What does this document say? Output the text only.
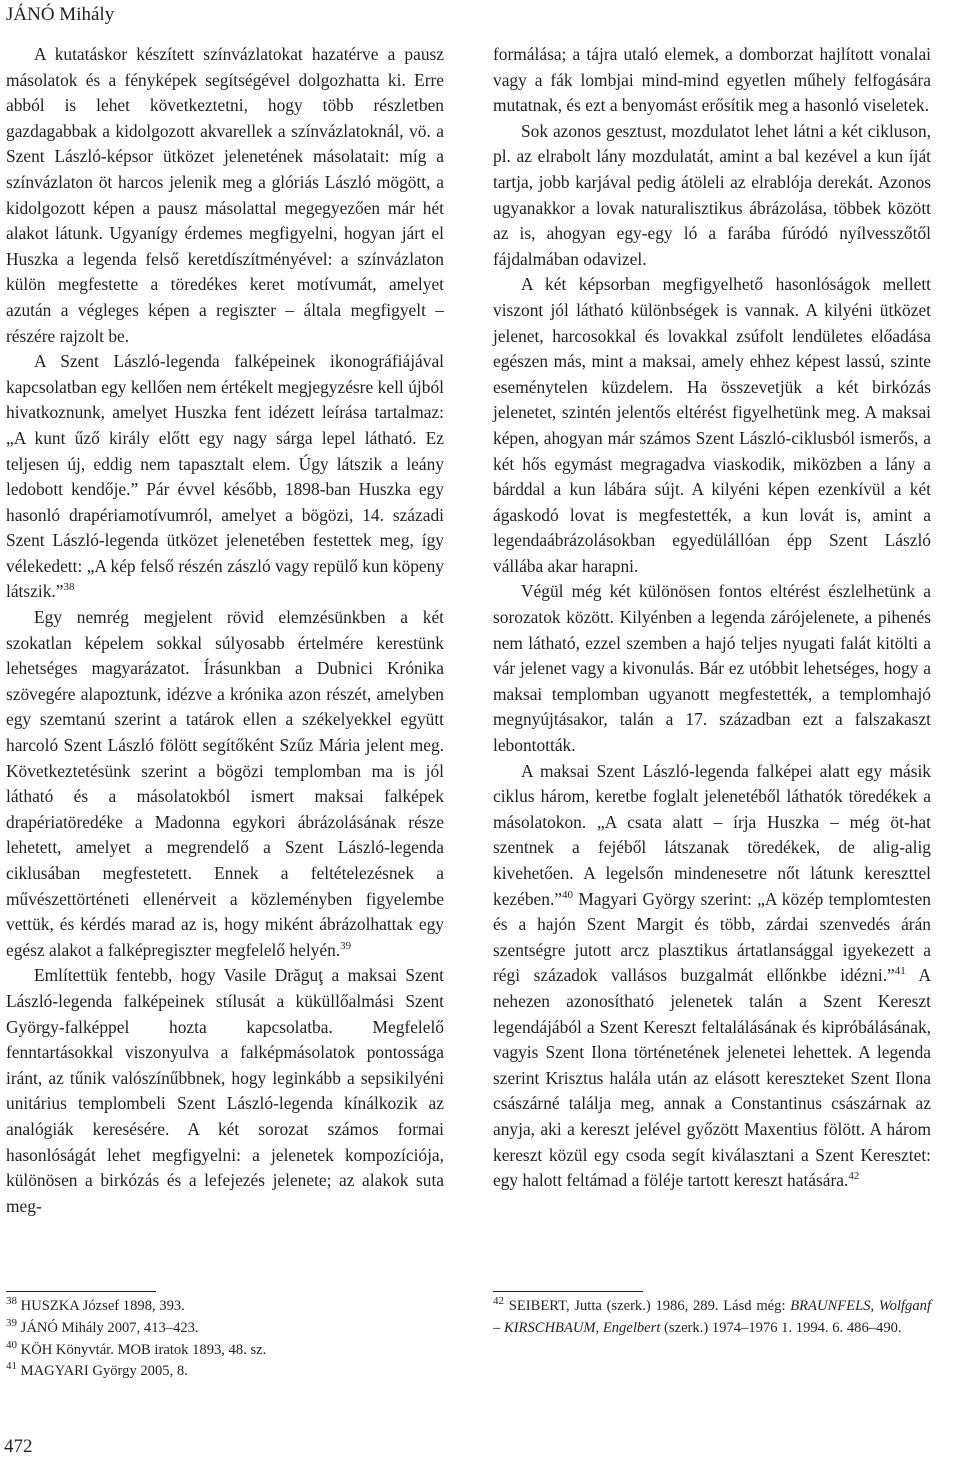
JÁNÓ Mihály

A kutatáskor készített színvázlatokat hazatérve a pausz másolatok és a fényképek segítségével dolgozhatta ki. Erre abból is lehet következtetni, hogy több részletben gazdagabbak a kidolgozott akvarellek a színvázlatoknál, vö. a Szent László-képsor ütközet jelenetének másolatait: míg a színvázlaton öt harcos jelenik meg a glóriás László mögött, a kidolgozott képen a pausz másolattal megegyezően már hét alakot látunk. Ugyanígy érdemes megfigyelni, hogyan járt el Huszka a legenda felső keretdíszítményével: a színvázlaton külön megfestette a töredékes keret motívumát, amelyet azután a végleges képen a regiszter – általa megfigyelt – részére rajzolt be.

A Szent László-legenda falképeinek ikonográfiájával kapcsolatban egy kellően nem értékelt megjegyzésre kell újból hivatkoznunk, amelyet Huszka fent idézett leírása tartalmaz: „A kunt űző király előtt egy nagy sárga lepel látható. Ez teljesen új, eddig nem tapasztalt elem. Úgy látszik a leány ledobott kendője.” Pár évvel később, 1898-ban Huszka egy hasonló drapériamotívumról, amelyet a bögözi, 14. századi Szent László-legenda ütközet jelenetében festettek meg, így vélekedett: „A kép felső részén zászló vagy repülő kun köpeny látszik.”$^{38}$

Egy nemrég megjelent rövid elemzésünkben a két szokatlan képelem sokkal súlyosabb értelmére kerestünk lehetséges magyarázatot. Írásunkban a Dubnici Krónika szövegére alapoztunk, idézve a krónika azon részét, amelyben egy szemtanú szerint a tatárok ellen a székelyekkel együtt harcoló Szent László fölött segítőként Szűz Mária jelent meg. Következtetésünk szerint a bögözi templomban ma is jól látható és a másolatokból ismert maksai falképek drapériatöredéke a Madonna egykori ábrázolásának része lehetett, amelyet a megrendelő a Szent László-legenda ciklusában megfestetett. Ennek a feltételezésnek a művészettörténeti ellenérveit a közleményben figyelembe vettük, és kérdés marad az is, hogy miként ábrázolhattak egy egész alakot a falképregiszter megfelelő helyén.$^{39}$

Említettük fentebb, hogy Vasile Drăguţ a maksai Szent László-legenda falképeinek stílusát a küküllőalmási Szent György-falképpel hozta kapcsolatba. Megfelelő fenntartásokkal viszonyulva a falképmásolatok pontossága iránt, az tűnik valószínűbbnek, hogy leginkább a sepsikilyéni unitárius templombeli Szent László-legenda kínálkozik az analógiák keresésére. A két sorozat számos formai hasonlóságát lehet megfigyelni: a jelenetek kompozíciója, különösen a birkózás és a lefejezés jelenete; az alakok suta meg-

formálása; a tájra utaló elemek, a domborzat hajlított vonalai vagy a fák lombjai mind-mind egyetlen műhely felfogására mutatnak, és ezt a benyomást erősítik meg a hasonló viseletek.

Sok azonos gesztust, mozdulatot lehet látni a két cikluson, pl. az elrabolt lány mozdulatát, amint a bal kezével a kun íját tartja, jobb karjával pedig átöleli az elrablója derekát. Azonos ugyanakkor a lovak naturalisztikus ábrázolása, többek között az is, ahogyan egy-egy ló a farába fúródó nyílvesszőtől fájdalmában odavizel.

A két képsorban megfigyelhető hasonlóságok mellett viszont jól látható különbségek is vannak. A kilyéni ütközet jelenet, harcosokkal és lovakkal zsúfolt lendületes előadása egészen más, mint a maksai, amely ehhez képest lassú, szinte eseménytelen küzdelem. Ha összevetjük a két birkózás jelenetet, szintén jelentős eltérést figyelhetünk meg. A maksai képen, ahogyan már számos Szent László-ciklusból ismerős, a két hős egymást megragadva viaskodik, miközben a lány a bárddal a kun lábára sújt. A kilyéni képen ezenkívül a két ágaskodó lovat is megfestették, a kun lovát is, amint a legendaábrázolásokban egyedülállóan épp Szent László vállába akar harapni.

Végül még két különösen fontos eltérést észlelhetünk a sorozatok között. Kilyénben a legenda zárójelenete, a pihenés nem látható, ezzel szemben a hajó teljes nyugati falát kitölti a vár jelenet vagy a kivonulás. Bár ez utóbbit lehetséges, hogy a maksai templomban ugyanott megfestették, a templomhajó megnyújtásakor, talán a 17. században ezt a falszakaszt lebontották.

A maksai Szent László-legenda falképei alatt egy másik ciklus három, keretbe foglalt jelenetéből láthatók töredékek a másolatokon. „A csata alatt – írja Huszka – még öt-hat szentnek a fejéből látszanak töredékek, de alig-alig kivehetően. A legelsőn mindenesetre nőt látunk kereszttel kezében.”$^{40}$ Magyari György szerint: „A közép templomtesten és a hajón Szent Margit és több, zárdai szenvedés árán szentségre jutott arcz plasztikus ártatlansággal igyekezett a régi századok vallásos buzgalmát ellőnkbe idézni.”$^{41}$ A nehezen azonosítható jelenetek talán a Szent Kereszt legendájából a Szent Kereszt feltalálásának és kipróbálásának, vagyis Szent Ilona történetének jelenetei lehettek. A legenda szerint Krisztus halála után az elásott kereszteket Szent Ilona császárné találja meg, annak a Constantinus császárnak az anyja, aki a kereszt jelével győzött Maxentius fölött. A három kereszt közül egy csoda segít kiválasztani a Szent Keresztet: egy halott feltámad a föléje tartott kereszt hatására.$^{42}$

$^{38}$ HUSZKA József 1898, 393.
$^{39}$ JÁNÓ Mihály 2007, 413–423.
$^{40}$ KÖH Könyvtár. MOB iratok 1893, 48. sz.
$^{41}$ MAGYARI György 2005, 8.
$^{42}$ SEIBERT, Jutta (szerk.) 1986, 289. Lásd még: BRAUNFELS, Wolfganf – KIRSCHBAUM, Engelbert (szerk.) 1974–1976 1. 1994. 6. 486–490.
472
